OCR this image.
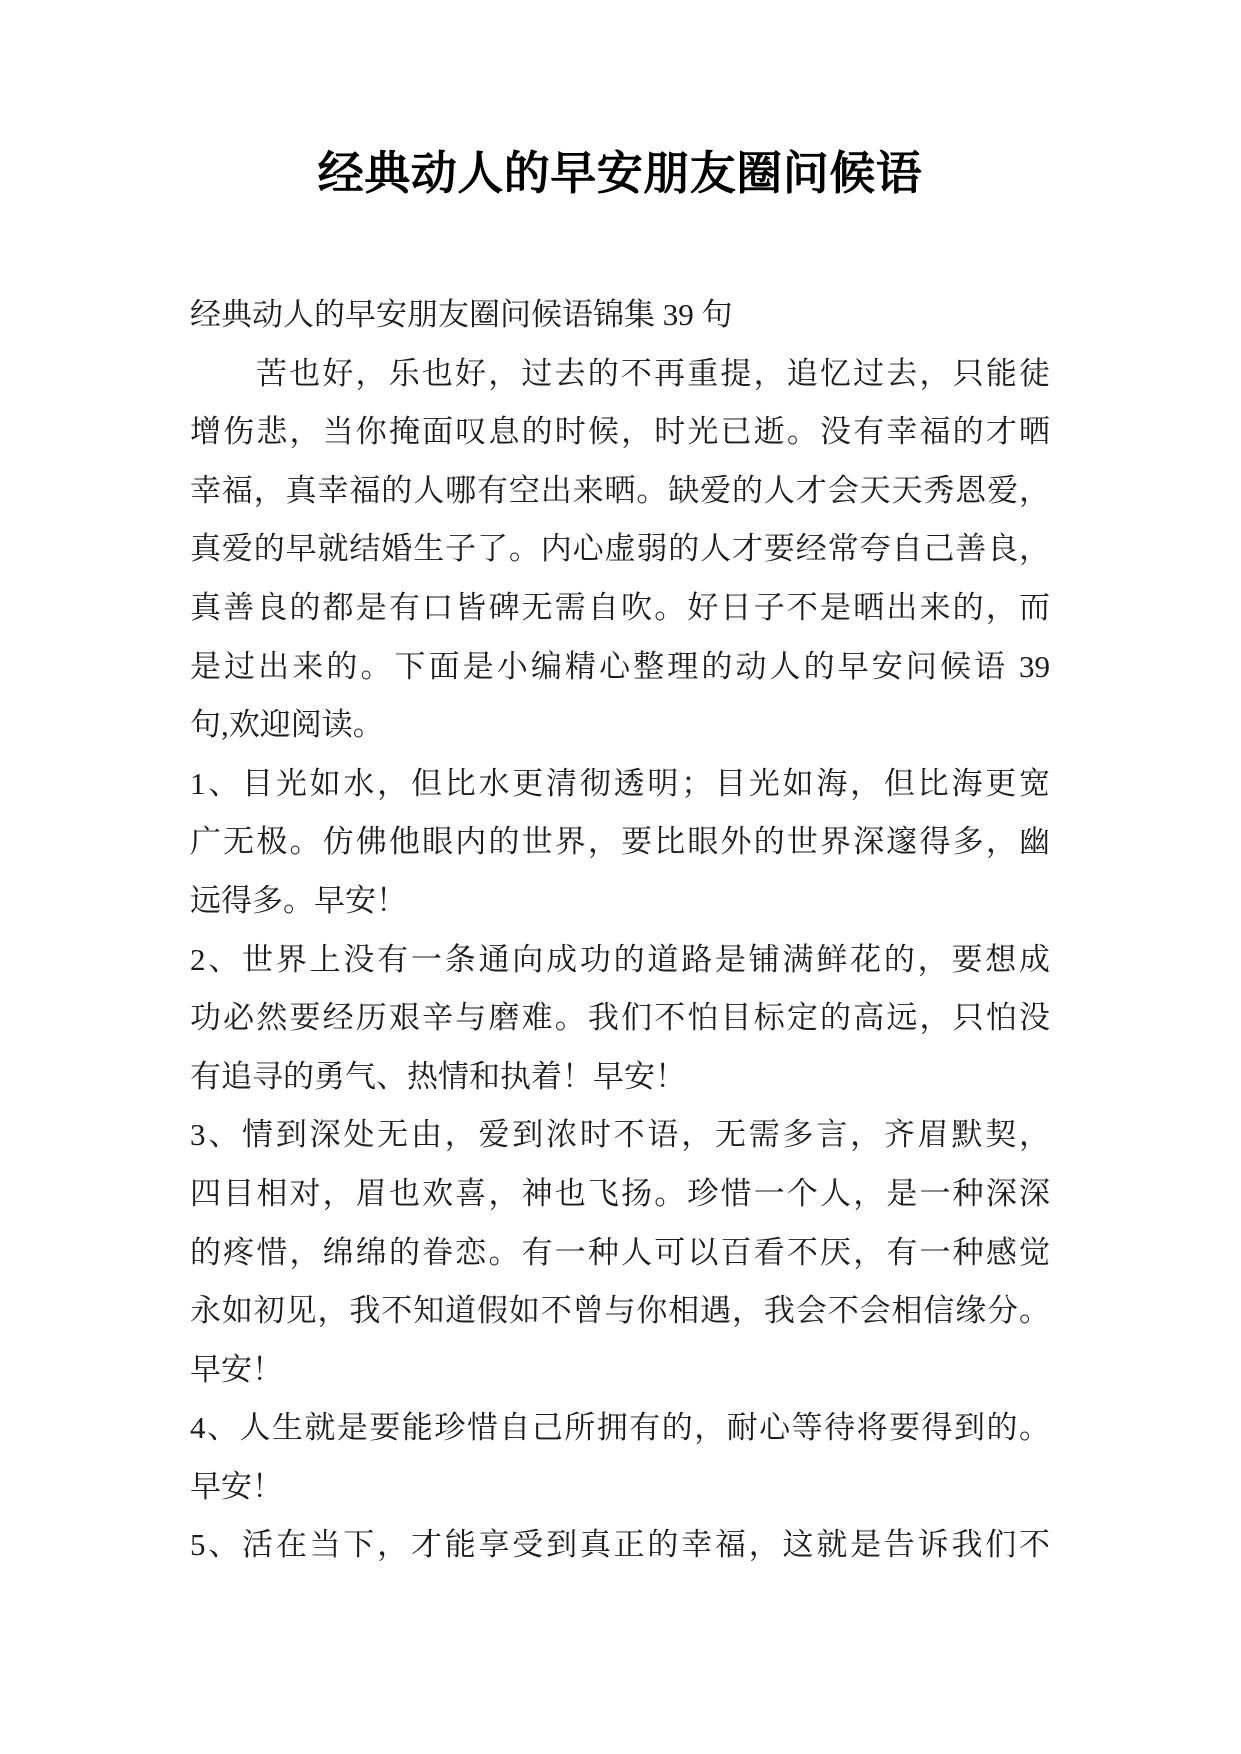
经典动人的早安朋友圈问候语
经典动人的早安朋友圈问候语锦集 39 句
苦也好，乐也好，过去的不再重提，追忆过去，只能徒
增伤悲，当你掩面叹息的时候，时光已逝。没有幸福的才晒
幸福，真幸福的人哪有空出来晒。缺爱的人才会天天秀恩爱，
真爱的早就结婚生子了。内心虚弱的人才要经常夸自己善良，
真善良的都是有口皆碑无需自吹。好日子不是晒出来的，而
是过出来的。下面是小编精心整理的动人的早安问候语 39
句,欢迎阅读。
1、目光如水，但比水更清彻透明；目光如海，但比海更宽
广无极。仿佛他眼内的世界，要比眼外的世界深邃得多，幽
远得多。早安！
2、世界上没有一条通向成功的道路是铺满鲜花的，要想成
功必然要经历艰辛与磨难。我们不怕目标定的高远，只怕没
有追寻的勇气、热情和执着！早安！
3、情到深处无由，爱到浓时不语，无需多言，齐眉默契，
四目相对，眉也欢喜，神也飞扬。珍惜一个人，是一种深深
的疼惜，绵绵的眷恋。有一种人可以百看不厌，有一种感觉
永如初见，我不知道假如不曾与你相遇，我会不会相信缘分。
早安！
4、人生就是要能珍惜自己所拥有的，耐心等待将要得到的。
早安！
5、活在当下，才能享受到真正的幸福，这就是告诉我们不
